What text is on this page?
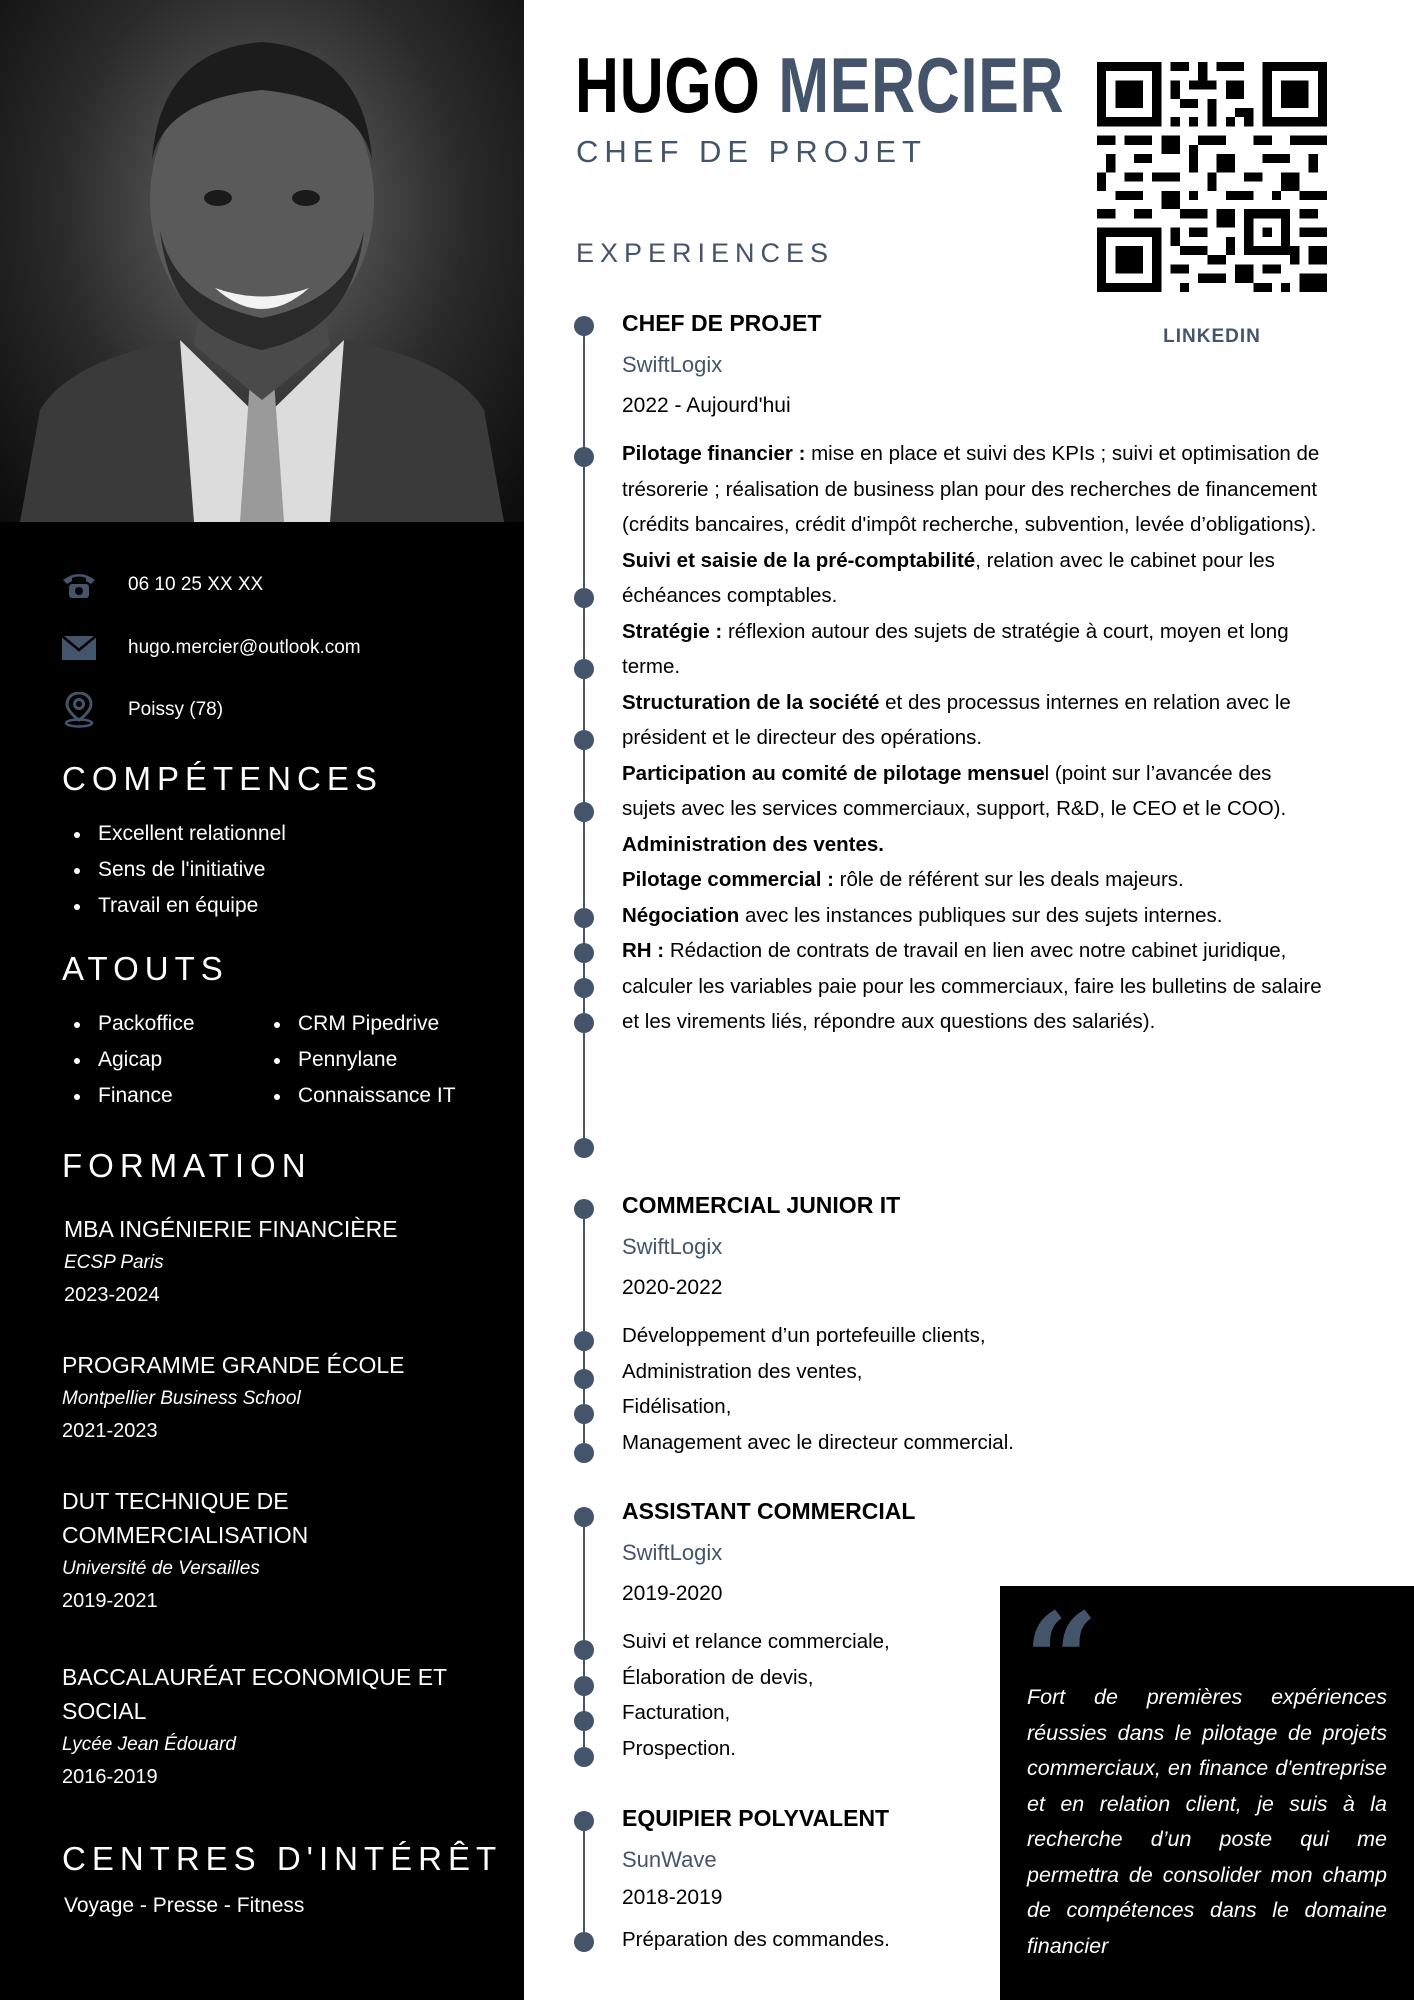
06 10 25 XX XX
hugo.mercier@outlook.com
Poissy (78)
COMPÉTENCES
Excellent relationnel
Sens de l'initiative
Travail en équipe
ATOUTS
Packoffice
Agicap
Finance
CRM Pipedrive
Pennylane
Connaissance IT
FORMATION
MBA INGÉNIERIE FINANCIÈRE
ECSP Paris
2023-2024
PROGRAMME GRANDE ÉCOLE
Montpellier Business School
2021-2023
DUT TECHNIQUE DE COMMERCIALISATION
Université de Versailles
2019-2021
BACCALAURÉAT ECONOMIQUE ET SOCIAL
Lycée Jean Édouard
2016-2019
CENTRES D'INTÉRÊT
Voyage - Presse - Fitness
HUGO MERCIER
CHEF DE PROJET
LINKEDIN
EXPERIENCES
CHEF DE PROJET
SwiftLogix
2022 - Aujourd'hui
Pilotage financier : mise en place et suivi des KPIs ; suivi et optimisation de trésorerie ; réalisation de business plan pour des recherches de financement (crédits bancaires, crédit d'impôt recherche, subvention, levée d’obligations).
Suivi et saisie de la pré-comptabilité, relation avec le cabinet pour les échéances comptables.
Stratégie : réflexion autour des sujets de stratégie à court, moyen et long terme.
Structuration de la société et des processus internes en relation avec le président et le directeur des opérations.
Participation au comité de pilotage mensuel (point sur l’avancée des sujets avec les services commerciaux, support, R&D, le CEO et le COO).
Administration des ventes.
Pilotage commercial : rôle de référent sur les deals majeurs.
Négociation avec les instances publiques sur des sujets internes.
RH : Rédaction de contrats de travail en lien avec notre cabinet juridique, calculer les variables paie pour les commerciaux, faire les bulletins de salaire et les virements liés, répondre aux questions des salariés).
COMMERCIAL JUNIOR IT
SwiftLogix
2020-2022
Développement d’un portefeuille clients,
Administration des ventes,
Fidélisation,
Management avec le directeur commercial.
ASSISTANT COMMERCIAL
SwiftLogix
2019-2020
Suivi et relance commerciale,
Élaboration de devis,
Facturation,
Prospection.
EQUIPIER POLYVALENT
SunWave
2018-2019
Préparation des commandes.
“
Fort de premières expériences réussies dans le pilotage de projets commerciaux, en finance d'entreprise et en relation client, je suis à la recherche d’un poste qui me permettra de consolider mon champ de compétences dans le domaine financier
